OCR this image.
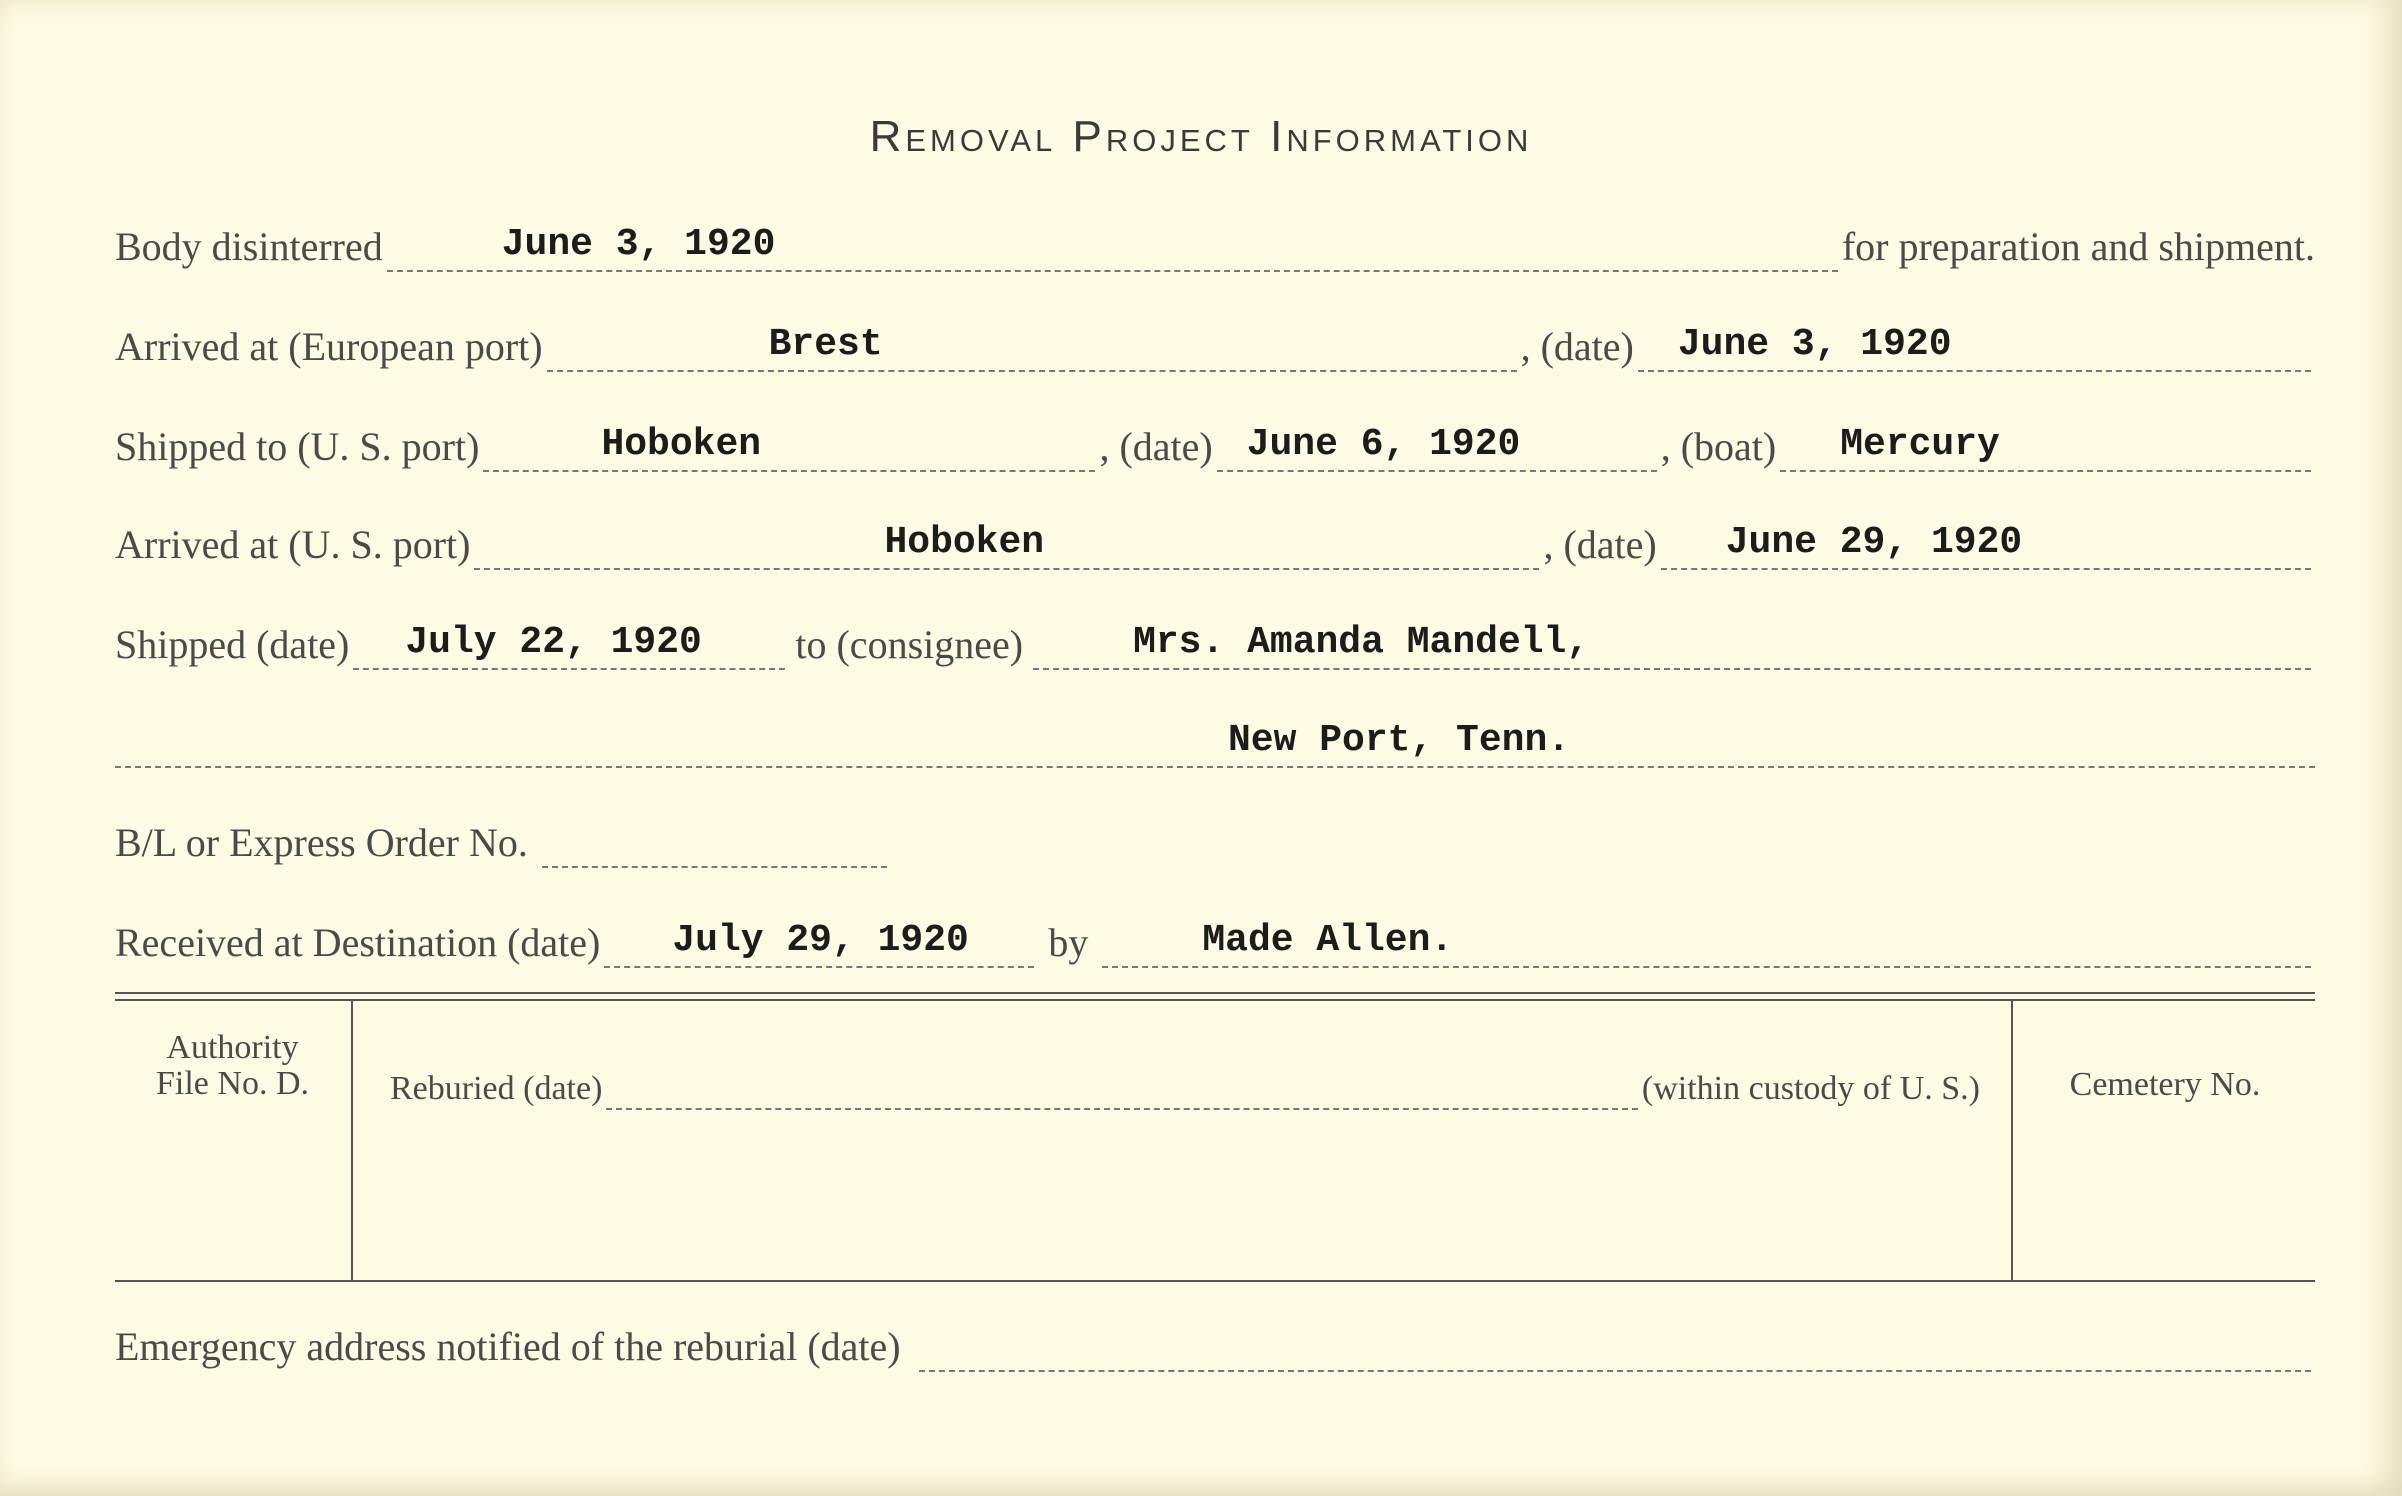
Removal Project Information
Body disinterred	June 3, 1920	for preparation and shipment.
Arrived at (European port)	Brest	, (date) June 3, 1920
Shipped to (U. S. port)	Hoboken	, (date) June 6, 1920	, (boat) Mercury
Arrived at (U. S. port)	Hoboken	, (date) June 29, 1920
Shipped (date) July 22, 1920 to (consignee)	Mrs. Amanda Mandell,
New Port, Tenn.
B/L or Express Order No.
Received at Destination (date) July 29, 1920 by	Made Allen.
Authority
File No. D.	Reburied (date)	(within custody of U. S.)	Cemetery No.
Emergency address notified of the reburial (date)
